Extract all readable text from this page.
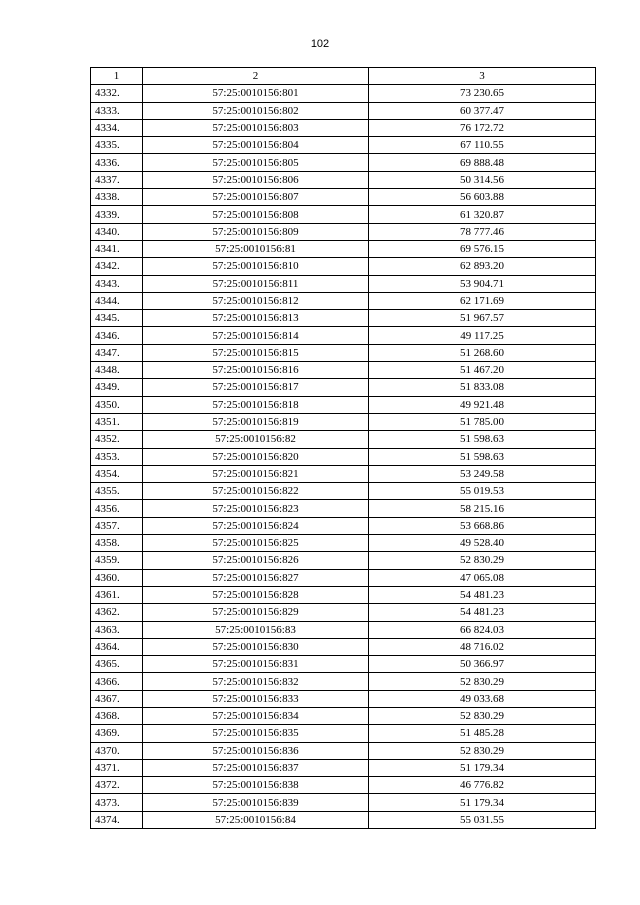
102
1	2	3
4332.	57:25:0010156:801	73 230.65
4333.	57:25:0010156:802	60 377.47
4334.	57:25:0010156:803	76 172.72
4335.	57:25:0010156:804	67 110.55
4336.	57:25:0010156:805	69 888.48
4337.	57:25:0010156:806	50 314.56
4338.	57:25:0010156:807	56 603.88
4339.	57:25:0010156:808	61 320.87
4340.	57:25:0010156:809	78 777.46
4341.	57:25:0010156:81	69 576.15
4342.	57:25:0010156:810	62 893.20
4343.	57:25:0010156:811	53 904.71
4344.	57:25:0010156:812	62 171.69
4345.	57:25:0010156:813	51 967.57
4346.	57:25:0010156:814	49 117.25
4347.	57:25:0010156:815	51 268.60
4348.	57:25:0010156:816	51 467.20
4349.	57:25:0010156:817	51 833.08
4350.	57:25:0010156:818	49 921.48
4351.	57:25:0010156:819	51 785.00
4352.	57:25:0010156:82	51 598.63
4353.	57:25:0010156:820	51 598.63
4354.	57:25:0010156:821	53 249.58
4355.	57:25:0010156:822	55 019.53
4356.	57:25:0010156:823	58 215.16
4357.	57:25:0010156:824	53 668.86
4358.	57:25:0010156:825	49 528.40
4359.	57:25:0010156:826	52 830.29
4360.	57:25:0010156:827	47 065.08
4361.	57:25:0010156:828	54 481.23
4362.	57:25:0010156:829	54 481.23
4363.	57:25:0010156:83	66 824.03
4364.	57:25:0010156:830	48 716.02
4365.	57:25:0010156:831	50 366.97
4366.	57:25:0010156:832	52 830.29
4367.	57:25:0010156:833	49 033.68
4368.	57:25:0010156:834	52 830.29
4369.	57:25:0010156:835	51 485.28
4370.	57:25:0010156:836	52 830.29
4371.	57:25:0010156:837	51 179.34
4372.	57:25:0010156:838	46 776.82
4373.	57:25:0010156:839	51 179.34
4374.	57:25:0010156:84	55 031.55
